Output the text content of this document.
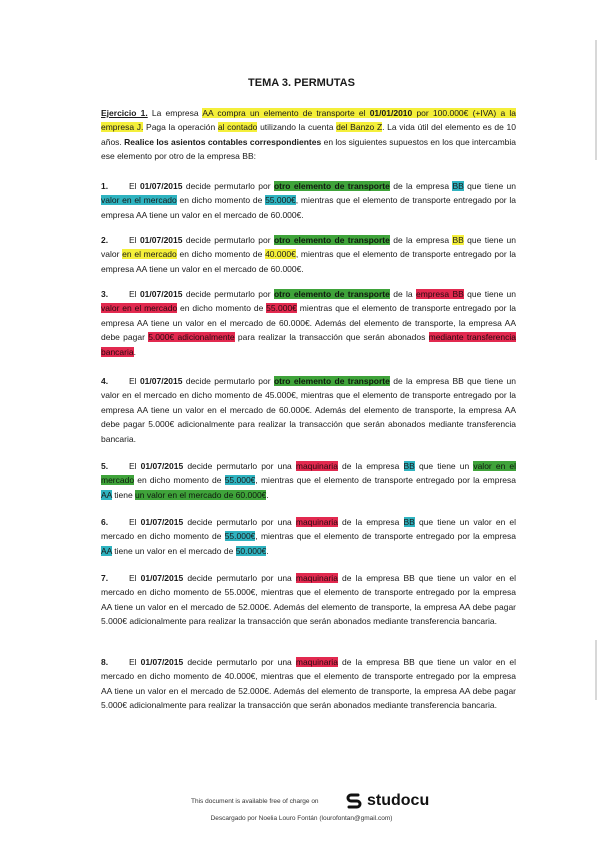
TEMA 3. PERMUTAS
Ejercicio 1. La empresa AA compra un elemento de transporte el 01/01/2010 por 100.000€ (+IVA) a la empresa J. Paga la operación al contado utilizando la cuenta del Banzo Z. La vida útil del elemento es de 10 años. Realice los asientos contables correspondientes en los siguientes supuestos en los que intercambia ese elemento por otro de la empresa BB:
1. El 01/07/2015 decide permutarlo por otro elemento de transporte de la empresa BB que tiene un valor en el mercado en dicho momento de 55.000€, mientras que el elemento de transporte entregado por la empresa AA tiene un valor en el mercado de 60.000€.
2. El 01/07/2015 decide permutarlo por otro elemento de transporte de la empresa BB que tiene un valor en el mercado en dicho momento de 40.000€, mientras que el elemento de transporte entregado por la empresa AA tiene un valor en el mercado de 60.000€.
3. El 01/07/2015 decide permutarlo por otro elemento de transporte de la empresa BB que tiene un valor en el mercado en dicho momento de 55.000€ mientras que el elemento de transporte entregado por la empresa AA tiene un valor en el mercado de 60.000€. Además del elemento de transporte, la empresa AA debe pagar 5.000€ adicionalmente para realizar la transacción que serán abonados mediante transferencia bancaria.
4. El 01/07/2015 decide permutarlo por otro elemento de transporte de la empresa BB que tiene un valor en el mercado en dicho momento de 45.000€, mientras que el elemento de transporte entregado por la empresa AA tiene un valor en el mercado de 60.000€. Además del elemento de transporte, la empresa AA debe pagar 5.000€ adicionalmente para realizar la transacción que serán abonados mediante transferencia bancaria.
5. El 01/07/2015 decide permutarlo por una maquinaria de la empresa BB que tiene un valor en el mercado en dicho momento de 55.000€, mientras que el elemento de transporte entregado por la empresa AA tiene un valor en el mercado de 60.000€.
6. El 01/07/2015 decide permutarlo por una maquinaria de la empresa BB que tiene un valor en el mercado en dicho momento de 55.000€, mientras que el elemento de transporte entregado por la empresa AA tiene un valor en el mercado de 50.000€.
7. El 01/07/2015 decide permutarlo por una maquinaria de la empresa BB que tiene un valor en el mercado en dicho momento de 55.000€, mientras que el elemento de transporte entregado por la empresa AA tiene un valor en el mercado de 52.000€. Además del elemento de transporte, la empresa AA debe pagar 5.000€ adicionalmente para realizar la transacción que serán abonados mediante transferencia bancaria.
8. El 01/07/2015 decide permutarlo por una maquinaria de la empresa BB que tiene un valor en el mercado en dicho momento de 40.000€, mientras que el elemento de transporte entregado por la empresa AA tiene un valor en el mercado de 52.000€. Además del elemento de transporte, la empresa AA debe pagar 5.000€ adicionalmente para realizar la transacción que serán abonados mediante transferencia bancaria.
This document is available free of charge on	studocu
Descargado por Noelia Louro Fontán (lourofontan@gmail.com)
